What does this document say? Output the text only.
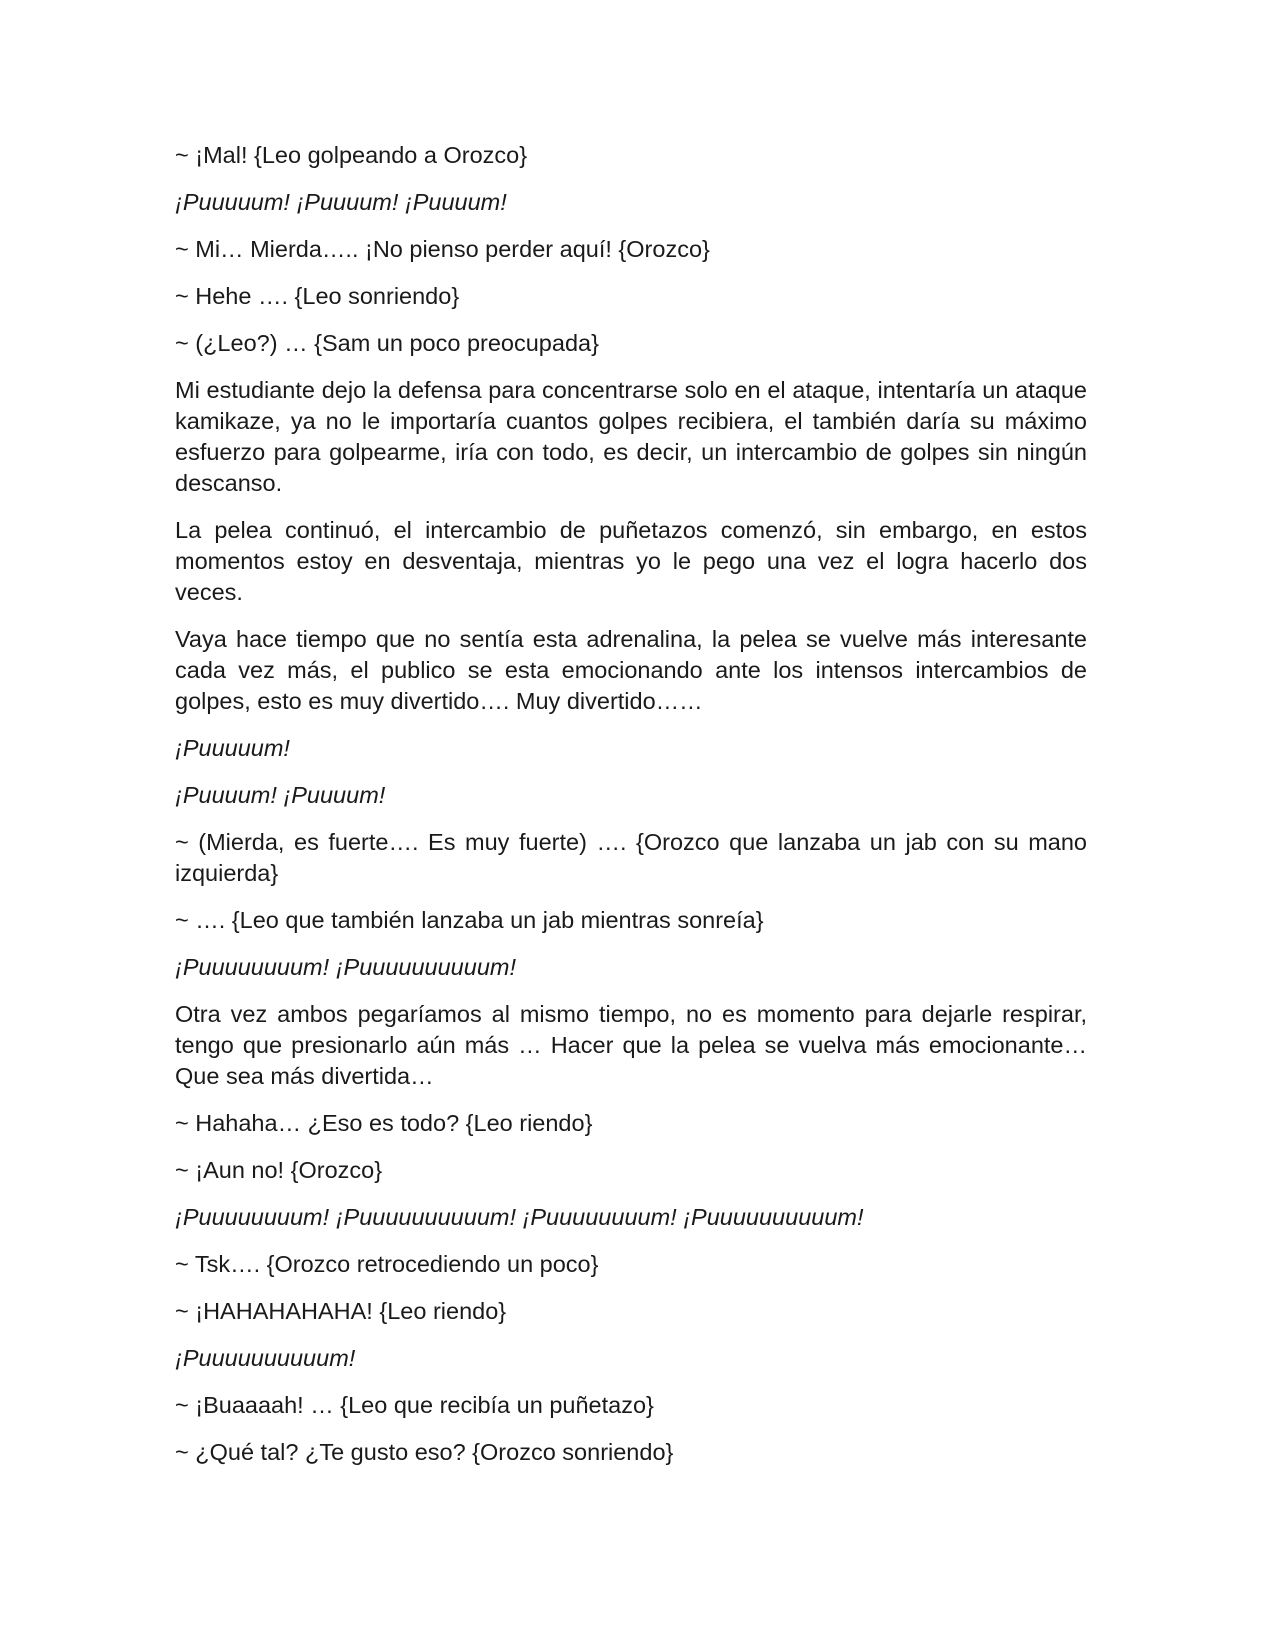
~ ¡Mal! {Leo golpeando a Orozco}

¡Puuuuum! ¡Puuuum! ¡Puuuum!

~ Mi… Mierda….. ¡No pienso perder aquí! {Orozco}

~ Hehe …. {Leo sonriendo}

~ (¿Leo?) … {Sam un poco preocupada}

Mi estudiante dejo la defensa para concentrarse solo en el ataque, intentaría un ataque kamikaze, ya no le importaría cuantos golpes recibiera, el también daría su máximo esfuerzo para golpearme, iría con todo, es decir, un intercambio de golpes sin ningún descanso.

La pelea continuó, el intercambio de puñetazos comenzó, sin embargo, en estos momentos estoy en desventaja, mientras yo le pego una vez el logra hacerlo dos veces.

Vaya hace tiempo que no sentía esta adrenalina, la pelea se vuelve más interesante cada vez más, el publico se esta emocionando ante los intensos intercambios de golpes, esto es muy divertido…. Muy divertido……

¡Puuuuum!

¡Puuuum! ¡Puuuum!

~ (Mierda, es fuerte…. Es muy fuerte) …. {Orozco que lanzaba un jab con su mano izquierda}

~ …. {Leo que también lanzaba un jab mientras sonreía}

¡Puuuuuuuum! ¡Puuuuuuuuuum!

Otra vez ambos pegaríamos al mismo tiempo, no es momento para dejarle respirar, tengo que presionarlo aún más … Hacer que la pelea se vuelva más emocionante… Que sea más divertida…

~ Hahaha… ¿Eso es todo? {Leo riendo}

~ ¡Aun no! {Orozco}

¡Puuuuuuuum! ¡Puuuuuuuuuum! ¡Puuuuuuuum! ¡Puuuuuuuuuum!

~ Tsk…. {Orozco retrocediendo un poco}

~ ¡HAHAHAHAHA! {Leo riendo}

¡Puuuuuuuuuum!

~ ¡Buaaaah! … {Leo que recibía un puñetazo}

~ ¿Qué tal? ¿Te gusto eso? {Orozco sonriendo}
